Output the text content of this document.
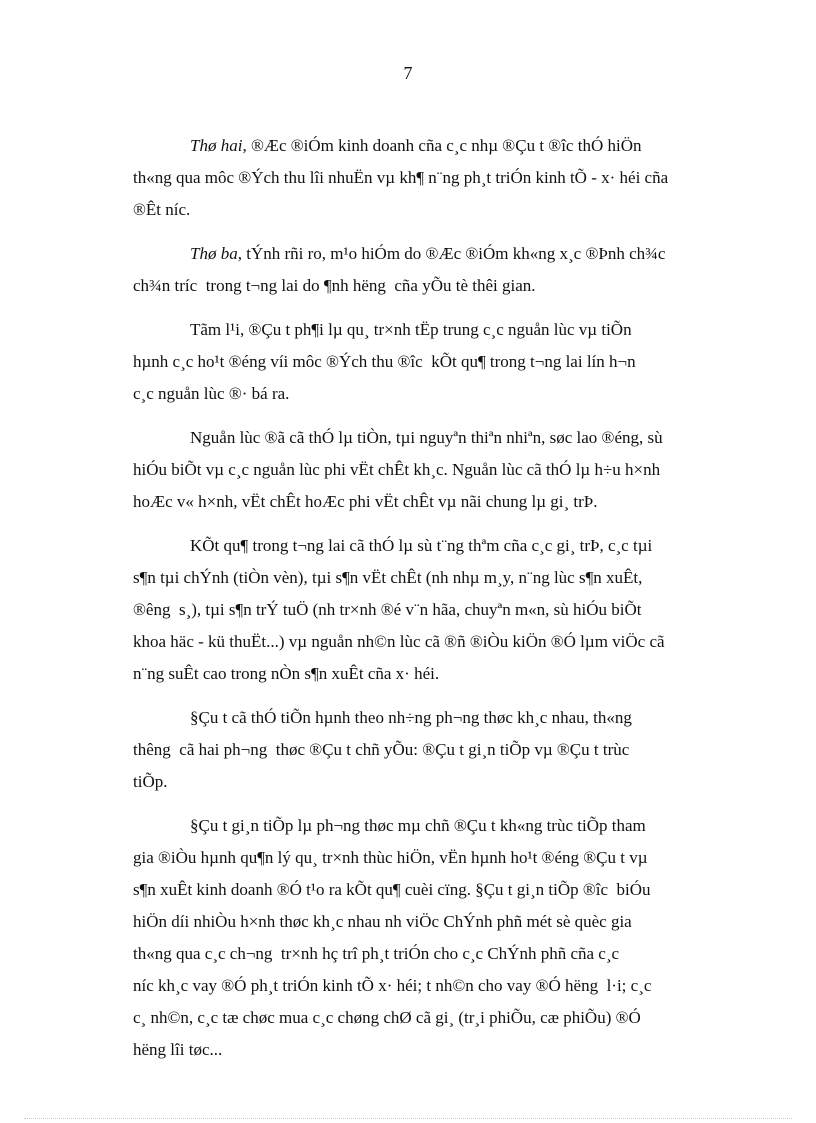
7

Thø hai, ®Æc ®iÓm kinh doanh cña c¸c nhµ ®Çu t ®îc thÓ hiÖn

th«ng qua môc ®Ých thu lîi nhuËn vµ kh¶ n¨ng ph¸t triÓn kinh tÕ - x· héi cña
®Êt níc.

Thø ba, tÝnh rñi ro, m¹o hiÓm do ®Æc ®iÓm kh«ng x¸c ®Þnh ch¾c

ch¾n tríc  trong t¬ng lai do ¶nh hëng  cña yÕu tè thêi gian.

Tãm l¹i, ®Çu t ph¶i lµ qu¸ tr×nh tËp trung c¸c nguån lùc vµ tiÕn

hµnh c¸c ho¹t ®éng víi môc ®Ých thu ®îc  kÕt qu¶ trong t¬ng lai lín h¬n
c¸c nguån lùc ®· bá ra.

Nguån lùc ®ã cã thÓ lµ tiÒn, tµi nguyªn thiªn nhiªn, søc lao ®éng, sù

hiÓu biÕt vµ c¸c nguån lùc phi vËt chÊt kh¸c. Nguån lùc cã thÓ lµ h÷u h×nh
hoÆc v« h×nh, vËt chÊt hoÆc phi vËt chÊt vµ nãi chung lµ gi¸ trÞ.

KÕt qu¶ trong t¬ng lai cã thÓ lµ sù t¨ng thªm cña c¸c gi¸ trÞ, c¸c tµi

s¶n tµi chÝnh (tiÒn vèn), tµi s¶n vËt chÊt (nh nhµ m¸y, n¨ng lùc s¶n xuÊt,
®êng  s¸), tµi s¶n trÝ tuÖ (nh tr×nh ®é v¨n hãa, chuyªn m«n, sù hiÓu biÕt
khoa häc - kü thuËt...) vµ nguån nh©n lùc cã ®ñ ®iÒu kiÖn ®Ó lµm viÖc cã
n¨ng suÊt cao trong nÒn s¶n xuÊt cña x· héi.

§Çu t cã thÓ tiÕn hµnh theo nh÷ng ph¬ng thøc kh¸c nhau, th«ng

thêng  cã hai ph¬ng  thøc ®Çu t chñ yÕu: ®Çu t gi¸n tiÕp vµ ®Çu t trùc
tiÕp.

§Çu t gi¸n tiÕp lµ ph¬ng thøc mµ chñ ®Çu t kh«ng trùc tiÕp tham

gia ®iÒu hµnh qu¶n lý qu¸ tr×nh thùc hiÖn, vËn hµnh ho¹t ®éng ®Çu t vµ
s¶n xuÊt kinh doanh ®Ó t¹o ra kÕt qu¶ cuèi cïng. §Çu t gi¸n tiÕp ®îc  biÓu
hiÖn díi nhiÒu h×nh thøc kh¸c nhau nh viÖc ChÝnh phñ mét sè quèc gia
th«ng qua c¸c ch¬ng  tr×nh hç trî ph¸t triÓn cho c¸c ChÝnh phñ cña c¸c
níc kh¸c vay ®Ó ph¸t triÓn kinh tÕ x· héi; t nh©n cho vay ®Ó hëng  l·i; c¸c
c¸ nh©n, c¸c tæ chøc mua c¸c chøng chØ cã gi¸ (tr¸i phiÕu, cæ phiÕu) ®Ó
hëng lîi tøc...
